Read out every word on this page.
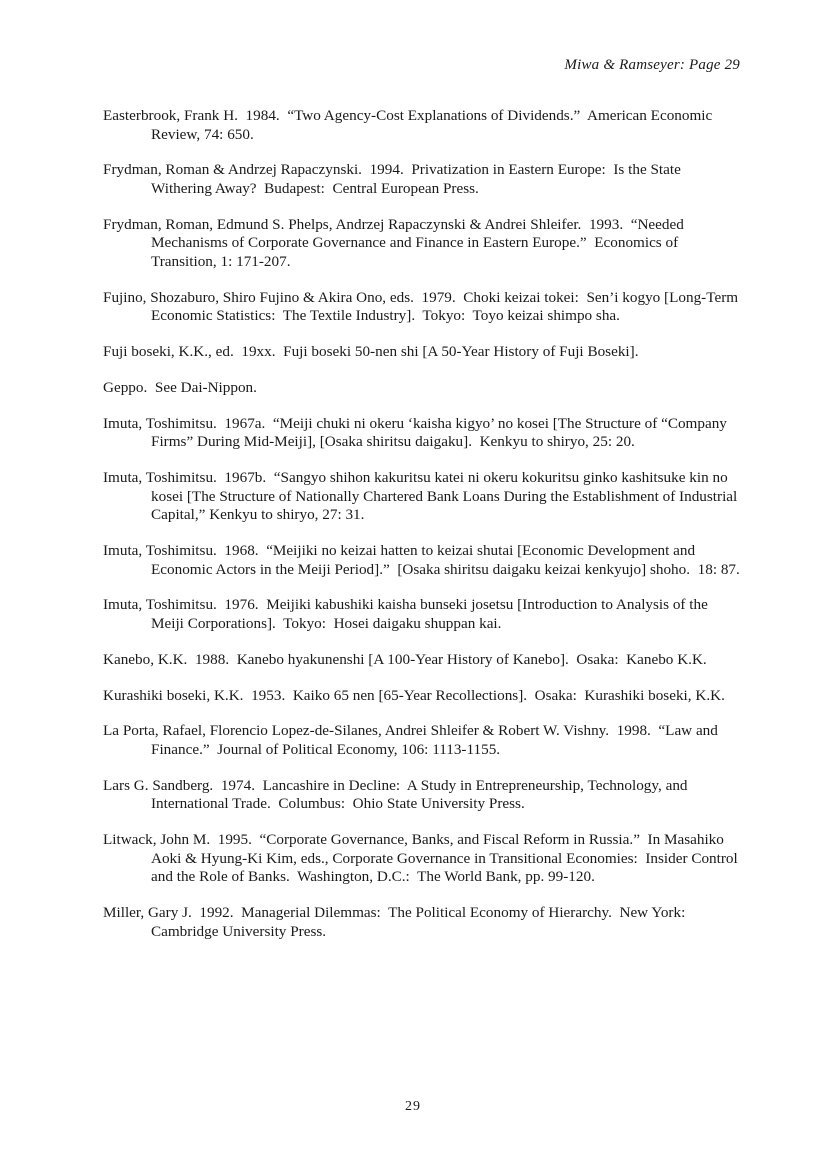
Miwa & Ramseyer: Page 29
Easterbrook, Frank H.  1984.  “Two Agency-Cost Explanations of Dividends.”  American Economic Review, 74: 650.
Frydman, Roman & Andrzej Rapaczynski.  1994.  Privatization in Eastern Europe:  Is the State Withering Away?  Budapest:  Central European Press.
Frydman, Roman, Edmund S. Phelps, Andrzej Rapaczynski & Andrei Shleifer.  1993.  “Needed Mechanisms of Corporate Governance and Finance in Eastern Europe.”  Economics of Transition, 1: 171-207.
Fujino, Shozaburo, Shiro Fujino & Akira Ono, eds.  1979.  Choki keizai tokei:  Sen’i kogyo [Long-Term Economic Statistics:  The Textile Industry].  Tokyo:  Toyo keizai shimpo sha.
Fuji boseki, K.K., ed.  19xx.  Fuji boseki 50-nen shi [A 50-Year History of Fuji Boseki].
Geppo.  See Dai-Nippon.
Imuta, Toshimitsu.  1967a.  “Meiji chuki ni okeru ‘kaisha kigyo’ no kosei [The Structure of “Company Firms” During Mid-Meiji], [Osaka shiritsu daigaku].  Kenkyu to shiryo, 25: 20.
Imuta, Toshimitsu.  1967b.  “Sangyo shihon kakuritsu katei ni okeru kokuritsu ginko kashitsuke kin no kosei [The Structure of Nationally Chartered Bank Loans During the Establishment of Industrial Capital,” Kenkyu to shiryo, 27: 31.
Imuta, Toshimitsu.  1968.  “Meijiki no keizai hatten to keizai shutai [Economic Development and Economic Actors in the Meiji Period].”  [Osaka shiritsu daigaku keizai kenkyujo] shoho.  18: 87.
Imuta, Toshimitsu.  1976.  Meijiki kabushiki kaisha bunseki josetsu [Introduction to Analysis of the Meiji Corporations].  Tokyo:  Hosei daigaku shuppan kai.
Kanebo, K.K.  1988.  Kanebo hyakunenshi [A 100-Year History of Kanebo].  Osaka:  Kanebo K.K.
Kurashiki boseki, K.K.  1953.  Kaiko 65 nen [65-Year Recollections].  Osaka:  Kurashiki boseki, K.K.
La Porta, Rafael, Florencio Lopez-de-Silanes, Andrei Shleifer & Robert W. Vishny.  1998.  “Law and Finance.”  Journal of Political Economy, 106: 1113-1155.
Lars G. Sandberg.  1974.  Lancashire in Decline:  A Study in Entrepreneurship, Technology, and International Trade.  Columbus:  Ohio State University Press.
Litwack, John M.  1995.  “Corporate Governance, Banks, and Fiscal Reform in Russia.”  In Masahiko Aoki & Hyung-Ki Kim, eds., Corporate Governance in Transitional Economies:  Insider Control and the Role of Banks.  Washington, D.C.:  The World Bank, pp. 99-120.
Miller, Gary J.  1992.  Managerial Dilemmas:  The Political Economy of Hierarchy.  New York:  Cambridge University Press.
29
